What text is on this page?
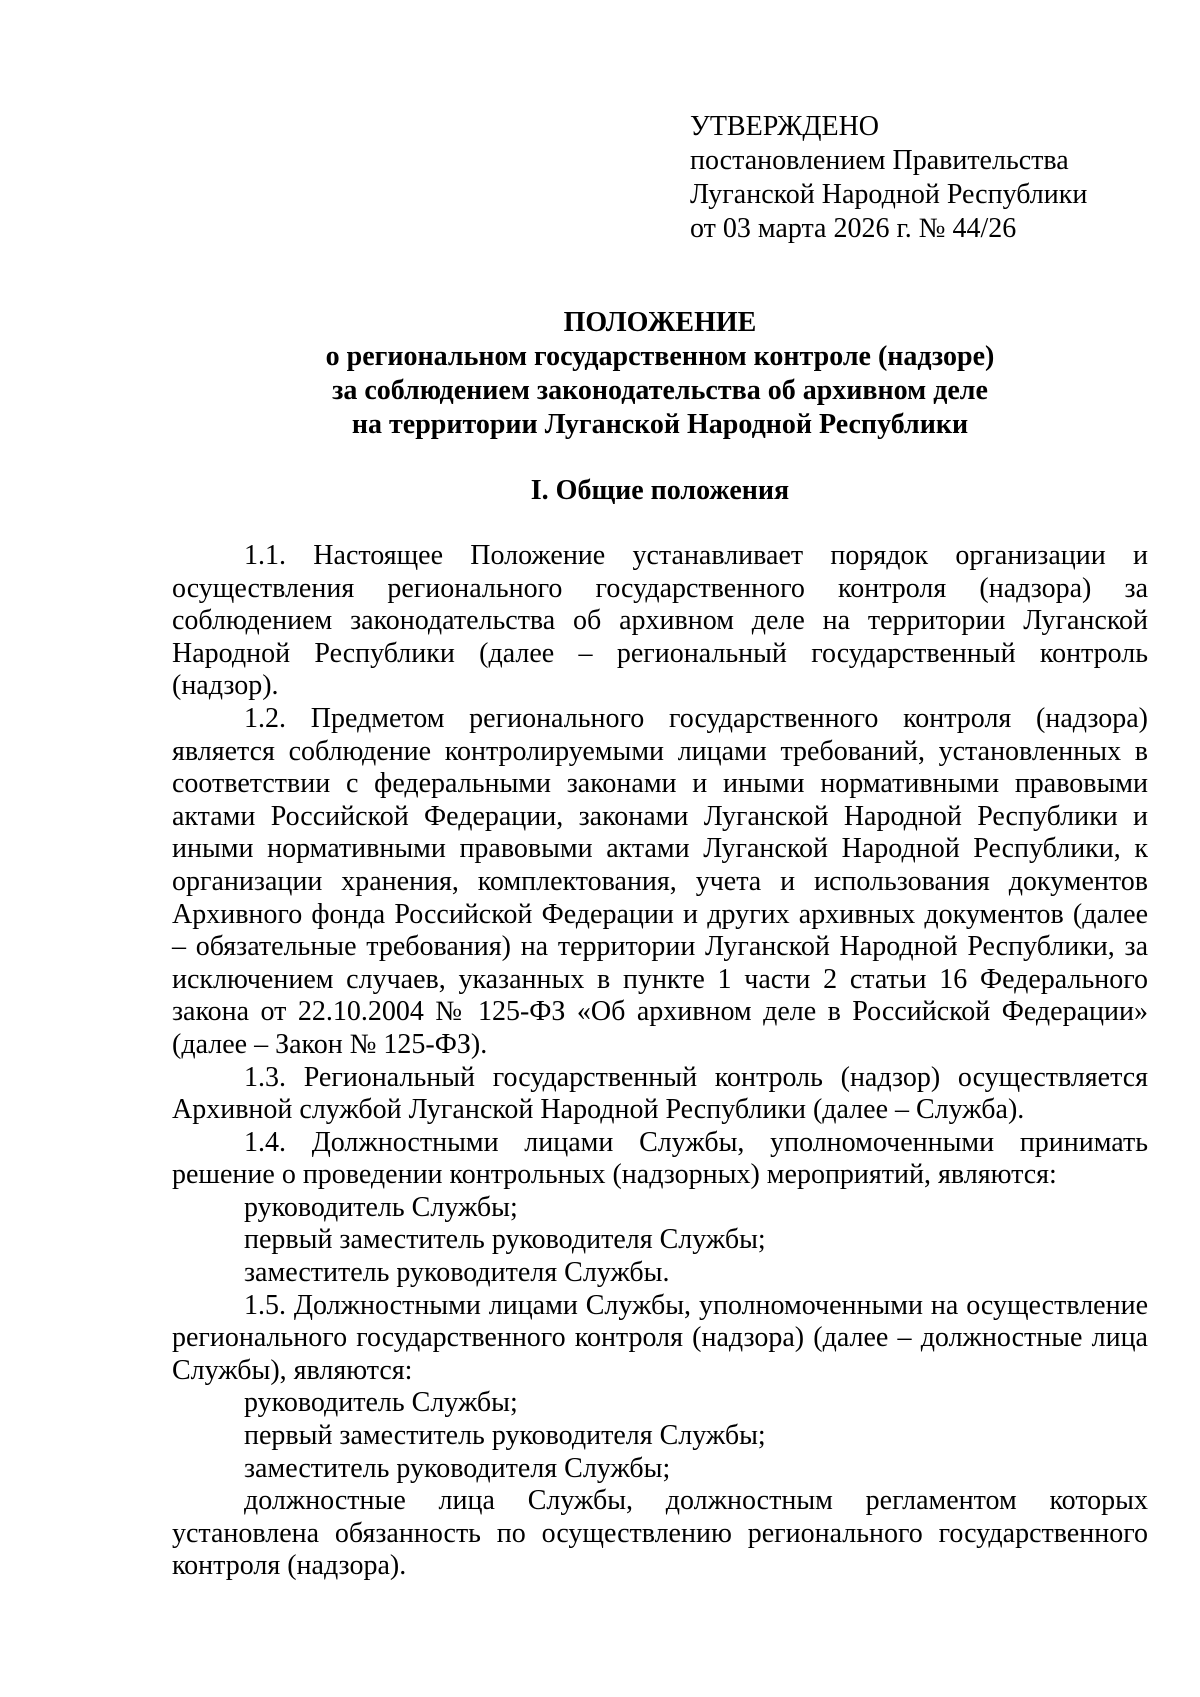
УТВЕРЖДЕНО
постановлением Правительства
Луганской Народной Республики
от 03 марта 2026 г. № 44/26
ПОЛОЖЕНИЕ
о региональном государственном контроле (надзоре)
за соблюдением законодательства об архивном деле
на территории Луганской Народной Республики
I. Общие положения

1.1. Настоящее Положение устанавливает порядок организации и осуществления регионального государственного контроля (надзора) за соблюдением законодательства об архивном деле на территории Луганской Народной Республики (далее – региональный государственный контроль (надзор).

1.2. Предметом регионального государственного контроля (надзора) является соблюдение контролируемыми лицами требований, установленных в соответствии с федеральными законами и иными нормативными правовыми актами Российской Федерации, законами Луганской Народной Республики и иными нормативными правовыми актами Луганской Народной Республики, к организации хранения, комплектования, учета и использования документов Архивного фонда Российской Федерации и других архивных документов (далее – обязательные требования) на территории Луганской Народной Республики, за исключением случаев, указанных в пункте 1 части 2 статьи 16 Федерального закона от 22.10.2004 № 125-ФЗ «Об архивном деле в Российской Федерации» (далее – Закон № 125-ФЗ).

1.3. Региональный государственный контроль (надзор) осуществляется Архивной службой Луганской Народной Республики (далее – Служба).

1.4. Должностными лицами Службы, уполномоченными принимать решение о проведении контрольных (надзорных) мероприятий, являются:

руководитель Службы;

первый заместитель руководителя Службы;

заместитель руководителя Службы.

1.5. Должностными лицами Службы, уполномоченными на осуществление регионального государственного контроля (надзора) (далее – должностные лица Службы), являются:

руководитель Службы;

первый заместитель руководителя Службы;

заместитель руководителя Службы;

должностные лица Службы, должностным регламентом которых установлена обязанность по осуществлению регионального государственного контроля (надзора).
